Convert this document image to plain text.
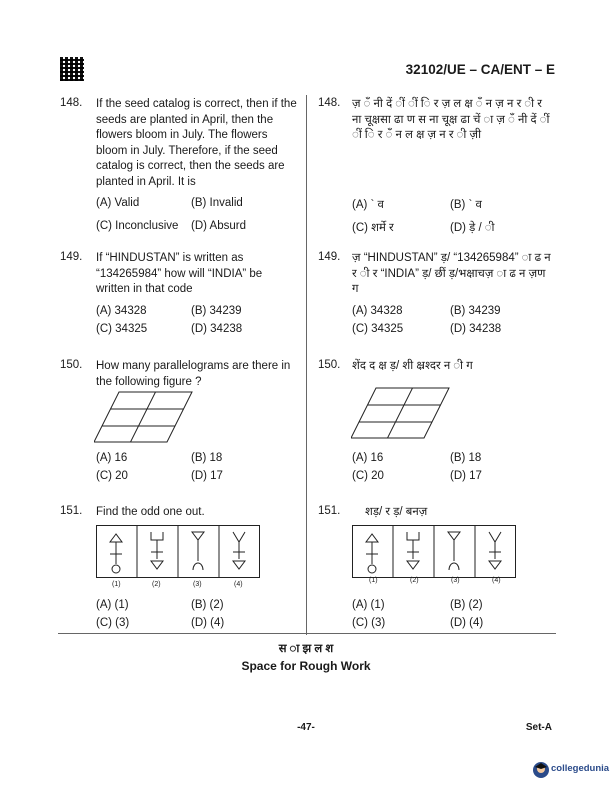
32102/UE – CA/ENT – E
148. If the seed catalog is correct, then if the seeds are planted in April, then the flowers bloom in July. The flowers bloom in July. Therefore, if the seed catalog is correct, then the seeds are planted in April. It is
(A) Valid	(B) Invalid
(C) Inconclusive (D) Absurd
149. If “HINDUSTAN” is written as “134265984” how will “INDIA” be written in that code
(A) 34328	(B) 34239
(C) 34325	(D) 34238
150. How many parallelograms are there in the following figure ?
(A) 16	(B) 18
(C) 20	(D) 17
151. Find the odd one out.
(1)	(2)	(3)	(4)
(A) (1)	(B) (2)
(C) (3)	(D) (4)
148. ज़ ँ नी दें ीं ीं ि र ज़ ल क्ष ँ न ज़ न र ी र ना चूक्षसा ढा ण स ना चूक्ष ढा चें ा ज़ ँ नी दें ीं ीं ि र ँ न ल क्ष ज़ न र ी ज़ी
(A) ` व	(B) ` व
(C) शर्मे र	(D) ड़े / ी
149. ज़ “HINDUSTAN” ड़/ “134265984” ा ढ न र ी र “INDIA” ड़/ छीं ड़/भक्षाचज़ ा ढ न ज़ण ग
(A) 34328	(B) 34239
(C) 34325	(D) 34238
150. शेंद द क्ष ड़/ शी क्ष्रश्दर न ी ग
(A) 16	(B) 18
(C) 20	(D) 17
151. शड़/ र ड़/ बनज़
(1)	(2)	(3)	(4)
(A) (1)	(B) (2)
(C) (3)	(D) (4)
स ा झ ल श
Space for Rough Work
-47-	Set-A
collegedunia
